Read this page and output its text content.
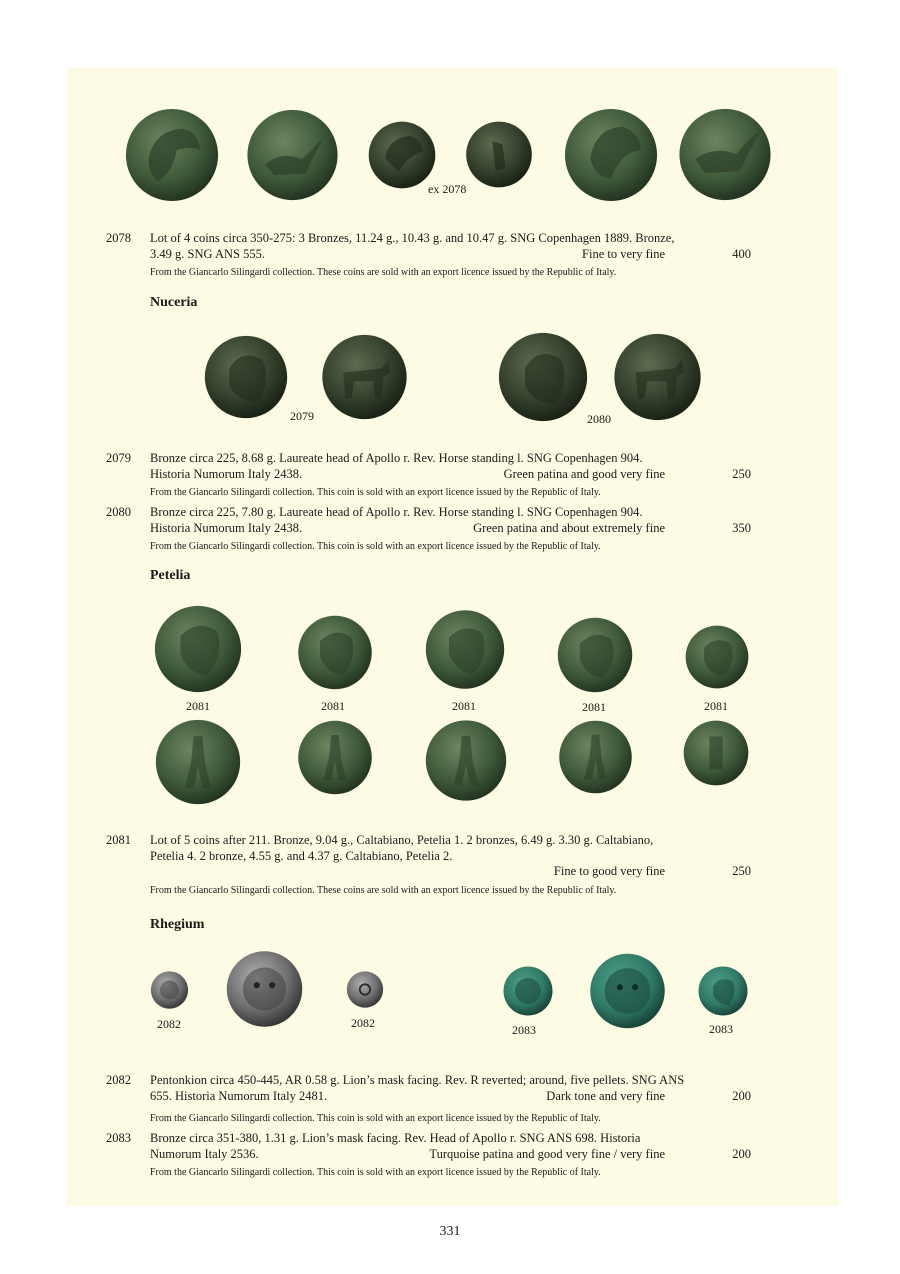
ex 2078
2078 Lot of 4 coins circa 350-275: 3 Bronzes, 11.24 g., 10.43 g. and 10.47 g. SNG Copenhagen 1889. Bronze,
3.49 g. SNG ANS 555.	Fine to very fine	400
From the Giancarlo Silingardi collection. These coins are sold with an export licence issued by the Republic of Italy.
Nuceria
2079	2080
2079 Bronze circa 225, 8.68 g. Laureate head of Apollo r. Rev. Horse standing l. SNG Copenhagen 904.
Historia Numorum Italy 2438.	Green patina and good very fine	250
From the Giancarlo Silingardi collection. This coin is sold with an export licence issued by the Republic of Italy.
2080 Bronze circa 225, 7.80 g. Laureate head of Apollo r. Rev. Horse standing l. SNG Copenhagen 904.
Historia Numorum Italy 2438.	Green patina and about extremely fine	350
From the Giancarlo Silingardi collection. This coin is sold with an export licence issued by the Republic of Italy.
Petelia
2081	2081	2081	2081	2081
2081 Lot of 5 coins after 211. Bronze, 9.04 g., Caltabiano, Petelia 1. 2 bronzes, 6.49 g. 3.30 g. Caltabiano,
Petelia 4. 2 bronze, 4.55 g. and 4.37 g. Caltabiano, Petelia 2.
Fine to good very fine	250
From the Giancarlo Silingardi collection. These coins are sold with an export licence issued by the Republic of Italy.
Rhegium
2082	2082	2083	2083
2082 Pentonkion circa 450-445, AR 0.58 g. Lion’s mask facing. Rev. R reverted; around, five pellets. SNG ANS
655. Historia Numorum Italy 2481.	Dark tone and very fine	200
From the Giancarlo Silingardi collection. This coin is sold with an export licence issued by the Republic of Italy.
2083 Bronze circa 351-380, 1.31 g. Lion’s mask facing. Rev. Head of Apollo r. SNG ANS 698. Historia
Numorum Italy 2536.	Turquoise patina and good very fine / very fine	200
From the Giancarlo Silingardi collection. This coin is sold with an export licence issued by the Republic of Italy.
331
